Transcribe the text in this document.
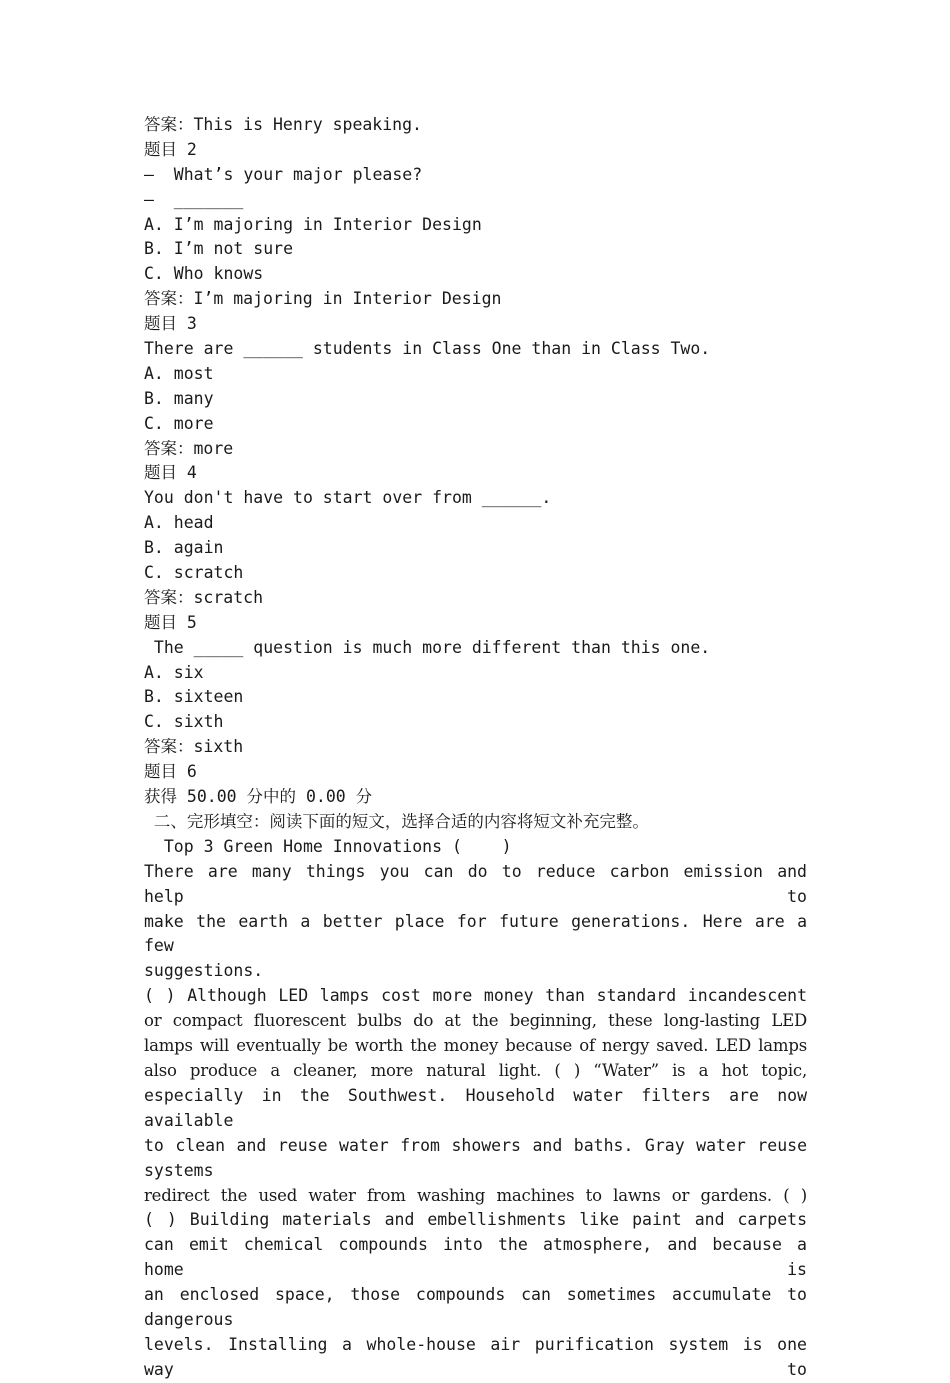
答案：This is Henry speaking.
题目 2
—  What’s your major please?
—  _______
A. I’m majoring in Interior Design
B. I’m not sure
C. Who knows
答案：I’m majoring in Interior Design
题目 3
There are ______ students in Class One than in Class Two.
A. most
B. many
C. more
答案：more
题目 4
You don't have to start over from ______.
A. head
B. again
C. scratch
答案：scratch
题目 5
The _____ question is much more different than this one.
A. six
B. sixteen
C. sixth
答案：sixth
题目 6
获得 50.00 分中的 0.00 分
二、完形填空：阅读下面的短文，选择合适的内容将短文补充完整。
Top 3 Green Home Innovations (    )
There are many things you can do to reduce carbon emission and help to
make the earth a better place for future generations. Here are a few
suggestions.
( ) Although LED lamps cost more money than standard incandescent
or compact fluorescent bulbs do at the beginning, these long-lasting LED
lamps will eventually be worth the money because of nergy saved. LED lamps
also produce a cleaner, more natural light. ( ) “Water” is a hot topic,
especially in the Southwest. Household water filters are now available
to clean and reuse water from showers and baths. Gray water reuse systems
redirect the used water from washing machines to lawns or gardens. ( )
( ) Building materials and embellishments like paint and carpets
can emit chemical compounds into the atmosphere, and because a home is
an enclosed space, those compounds can sometimes accumulate to dangerous
levels. Installing a whole-house air purification system is one way to
